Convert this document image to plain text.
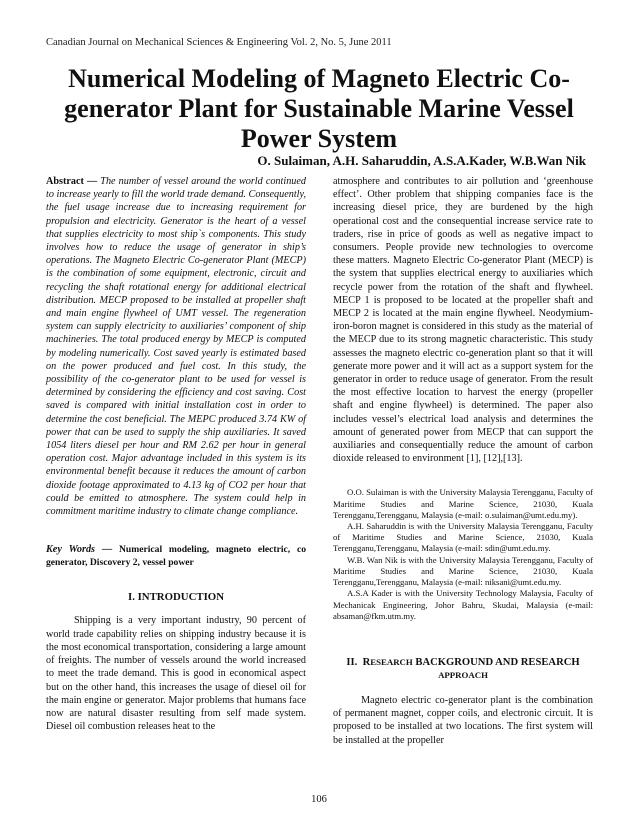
Canadian Journal on Mechanical Sciences & Engineering Vol. 2, No. 5, June 2011
Numerical Modeling of Magneto Electric Co-generator Plant for Sustainable Marine Vessel Power System
O. Sulaiman, A.H. Saharuddin, A.S.A.Kader, W.B.Wan Nik

Abstract — The number of vessel around the world continued to increase yearly to fill the world trade demand. Consequently, the fuel usage increase due to increasing requirement for propulsion and electricity. Generator is the heart of a vessel that supplies electricity to most ship`s components. This study involves how to reduce the usage of generator in ship’s operations. The Magneto Electric Co-generator Plant (MECP) is the combination of some equipment, electronic, circuit and recycling the shaft rotational energy for additional electrical distribution. MECP proposed to be installed at propeller shaft and main engine flywheel of UMT vessel. The regeneration system can supply electricity to auxiliaries’ component of ship machineries. The total produced energy by MECP is computed by modeling numerically. Cost saved yearly is estimated based on the power produced and fuel cost. In this study, the possibility of the co-generator plant to be used for vessel is determined by considering the efficiency and cost saving. Cost saved is compared with initial installation cost in order to determine the cost beneficial. The MEPC produced 3.74 KW of power that can be used to supply the ship auxiliaries. It saved 1054 liters diesel per hour and RM 2.62 per hour in general operation cost. Major advantage included in this system is its environmental benefit because it reduces the amount of carbon dioxide footage approximated to 4.13 kg of CO2 per hour that could be emitted to atmosphere. The system could help in commitment maritime industry to climate change compliance.

Key Words — Numerical modeling, magneto electric, co generator, Discovery 2, vessel power

I. INTRODUCTION

Shipping is a very important industry, 90 percent of world trade capability relies on shipping industry because it is the most economical transportation, considering a large amount of freights. The number of vessels around the world increased to meet the trade demand. This is good in economical aspect but on the other hand, this increases the usage of diesel oil for the main engine or generator. Major problems that humans face now are natural disaster resulting from self made system. Diesel oil combustion releases heat to the

atmosphere and contributes to air pollution and ‘greenhouse effect’. Other problem that shipping companies face is the increasing diesel price, they are burdened by the high operational cost and the consequential increase service rate to traders, rise in price of goods as well as negative impact to consumers. People provide new technologies to overcome these matters. Magneto Electric Co-generator Plant (MECP) is the system that supplies electrical energy to auxiliaries which recycle power from the rotation of the shaft and flywheel. MECP 1 is proposed to be located at the propeller shaft and MECP 2 is located at the main engine flywheel. Neodymium-iron-boron magnet is considered in this study as the material of the MECP due to its strong magnetic characteristic. This study assesses the magneto electric co-generation plant so that it will generate more power and it will act as a support system for the generator in order to reduce usage of generator. From the result the most effective location to harvest the energy (propeller shaft and engine flywheel) is determined. The paper also includes vessel’s electrical load analysis and determines the amount of generated power from MECP that can support the auxiliaries and consequentially reduce the amount of carbon dioxide released to environment [1], [12],[13].

O.O. Sulaiman is with the University Malaysia Terengganu, Faculty of Maritime Studies and Marine Science, 21030, Kuala Terengganu,Terengganu, Malaysia (e-mail: o.sulaiman@umt.edu.my).

A.H. Saharuddin is with the University Malaysia Terengganu, Faculty of Maritime Studies and Marine Science, 21030, Kuala Terengganu,Terengganu, Malaysia (e-mail: sdin@umt.edu.my.

W.B. Wan Nik is with the University Malaysia Terengganu, Faculty of Maritime Studies and Marine Science, 21030, Kuala Terengganu,Terengganu, Malaysia (e-mail: niksani@umt.edu.my.

A.S.A Kader is with the University Technology Malaysia, Faculty of Mechanicak Engineering, Johor Bahru, Skudai, Malaysia (e-mail: absaman@fkm.utm.my.

II. RESEARCH BACKGROUND AND RESEARCH
APPROACH

Magneto electric co-generator plant is the combination of permanent magnet, copper coils, and electronic circuit. It is proposed to be installed at two locations. The first system will be installed at the propeller

106
